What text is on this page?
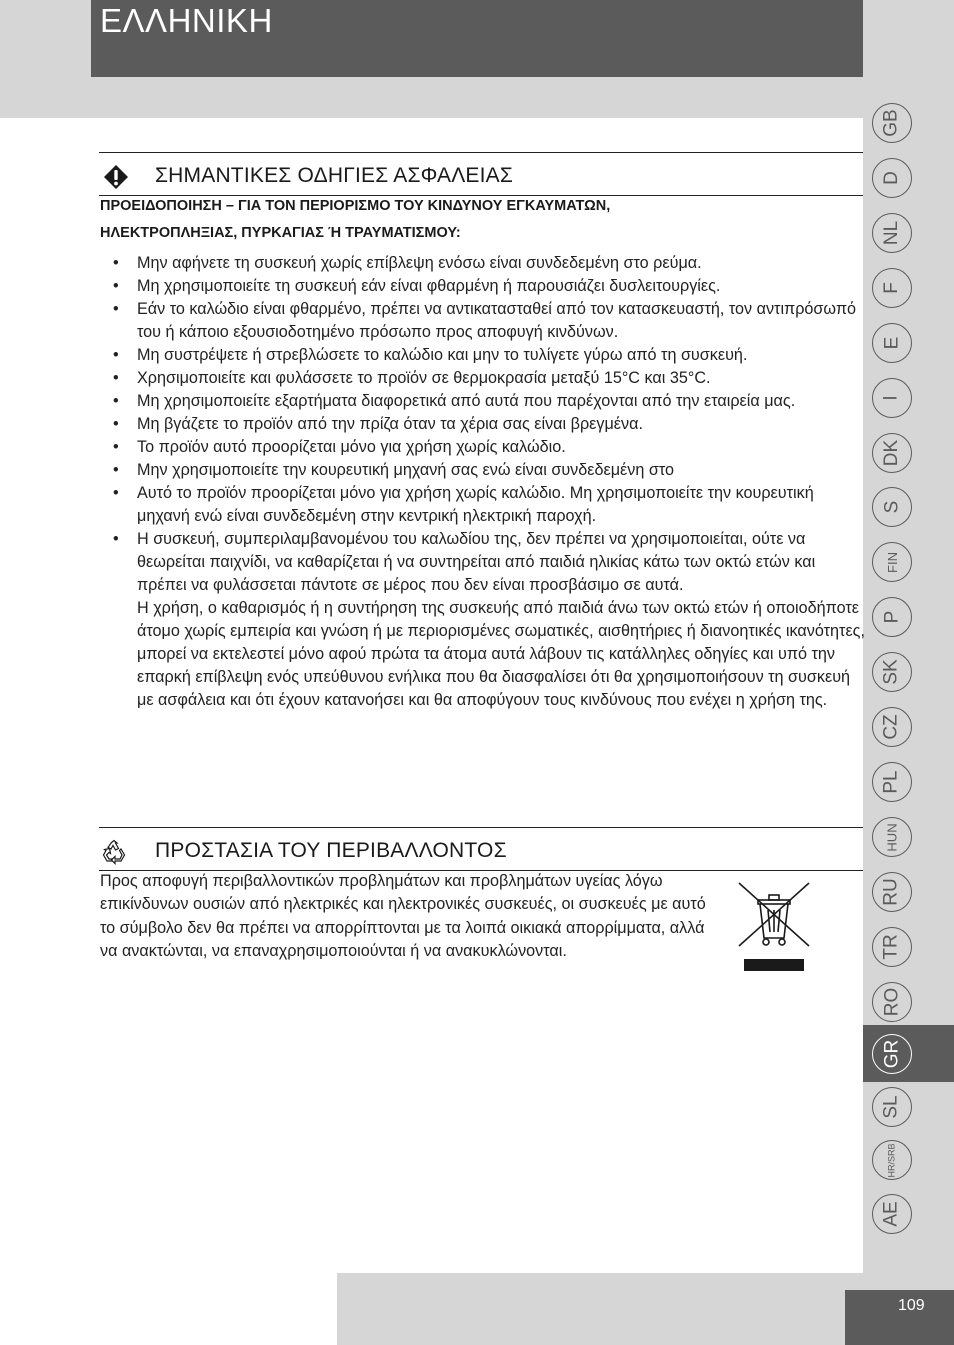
ΕΛΛΗΝΙΚΗ
GB
D
NL
F
E
I
DK
S
FIN
P
SK
CZ
PL
HUN
RU
TR
RO
GR
SL
HR/SRB
AE
ΣΗΜΑΝΤΙΚΕΣ ΟΔΗΓΙΕΣ ΑΣΦΑΛΕΙΑΣ
ΠΡΟΕΙΔΟΠΟΙΗΣΗ – ΓΙΑ ΤΟΝ ΠΕΡΙΟΡΙΣΜΟ ΤΟΥ ΚΙΝΔΥΝΟΥ ΕΓΚΑΥΜΑΤΩΝ,
ΗΛΕΚΤΡΟΠΛΗΞΙΑΣ, ΠΥΡΚΑΓΙΑΣ Ή ΤΡΑΥΜΑΤΙΣΜΟΥ:
• Μην αφήνετε τη συσκευή χωρίς επίβλεψη ενόσω είναι συνδεδεμένη στο ρεύμα.
• Μη χρησιμοποιείτε τη συσκευή εάν είναι φθαρμένη ή παρουσιάζει δυσλειτουργίες.
• Εάν το καλώδιο είναι φθαρμένο, πρέπει να αντικατασταθεί από τον κατασκευαστή, τον αντιπρόσωπό του ή κάποιο εξουσιοδοτημένο πρόσωπο προς αποφυγή κινδύνων.
• Μη συστρέψετε ή στρεβλώσετε το καλώδιο και μην το τυλίγετε γύρω από τη συσκευή.
• Χρησιμοποιείτε και φυλάσσετε το προϊόν σε θερμοκρασία μεταξύ 15°C και 35°C.
• Μη χρησιμοποιείτε εξαρτήματα διαφορετικά από αυτά που παρέχονται από την εταιρεία μας.
• Μη βγάζετε το προϊόν από την πρίζα όταν τα χέρια σας είναι βρεγμένα.
• Το προϊόν αυτό προορίζεται μόνο για χρήση χωρίς καλώδιο.
• Μην χρησιμοποιείτε την κουρευτική μηχανή σας ενώ είναι συνδεδεμένη στο
• Αυτό το προϊόν προορίζεται μόνο για χρήση χωρίς καλώδιο. Μη χρησιμοποιείτε την κουρευτική μηχανή ενώ είναι συνδεδεμένη στην κεντρική ηλεκτρική παροχή.
• Η συσκευή, συμπεριλαμβανομένου του καλωδίου της, δεν πρέπει να χρησιμοποιείται, ούτε να θεωρείται παιχνίδι, να καθαρίζεται ή να συντηρείται από παιδιά ηλικίας κάτω των οκτώ ετών και πρέπει να φυλάσσεται πάντοτε σε μέρος που δεν είναι προσβάσιμο σε αυτά.
Η χρήση, ο καθαρισμός ή η συντήρηση της συσκευής από παιδιά άνω των οκτώ ετών ή οποιοδήποτε άτομο χωρίς εμπειρία και γνώση ή με περιορισμένες σωματικές, αισθητήριες ή διανοητικές ικανότητες, μπορεί να εκτελεστεί μόνο αφού πρώτα τα άτομα αυτά λάβουν τις κατάλληλες οδηγίες και υπό την επαρκή επίβλεψη ενός υπεύθυνου ενήλικα που θα διασφαλίσει ότι θα χρησιμοποιήσουν τη συσκευή με ασφάλεια και ότι έχουν κατανοήσει και θα αποφύγουν τους κινδύνους που ενέχει η χρήση της.
ΠΡΟΣΤΑΣΙΑ ΤΟΥ ΠΕΡΙΒΑΛΛΟΝΤΟΣ
Προς αποφυγή περιβαλλοντικών προβλημάτων και προβλημάτων υγείας λόγω επικίνδυνων ουσιών από ηλεκτρικές και ηλεκτρονικές συσκευές, οι συσκευές με αυτό το σύμβολο δεν θα πρέπει να απορρίπτονται με τα λοιπά οικιακά απορρίμματα, αλλά να ανακτώνται, να επαναχρησιμοποιούνται ή να ανακυκλώνονται.
109
